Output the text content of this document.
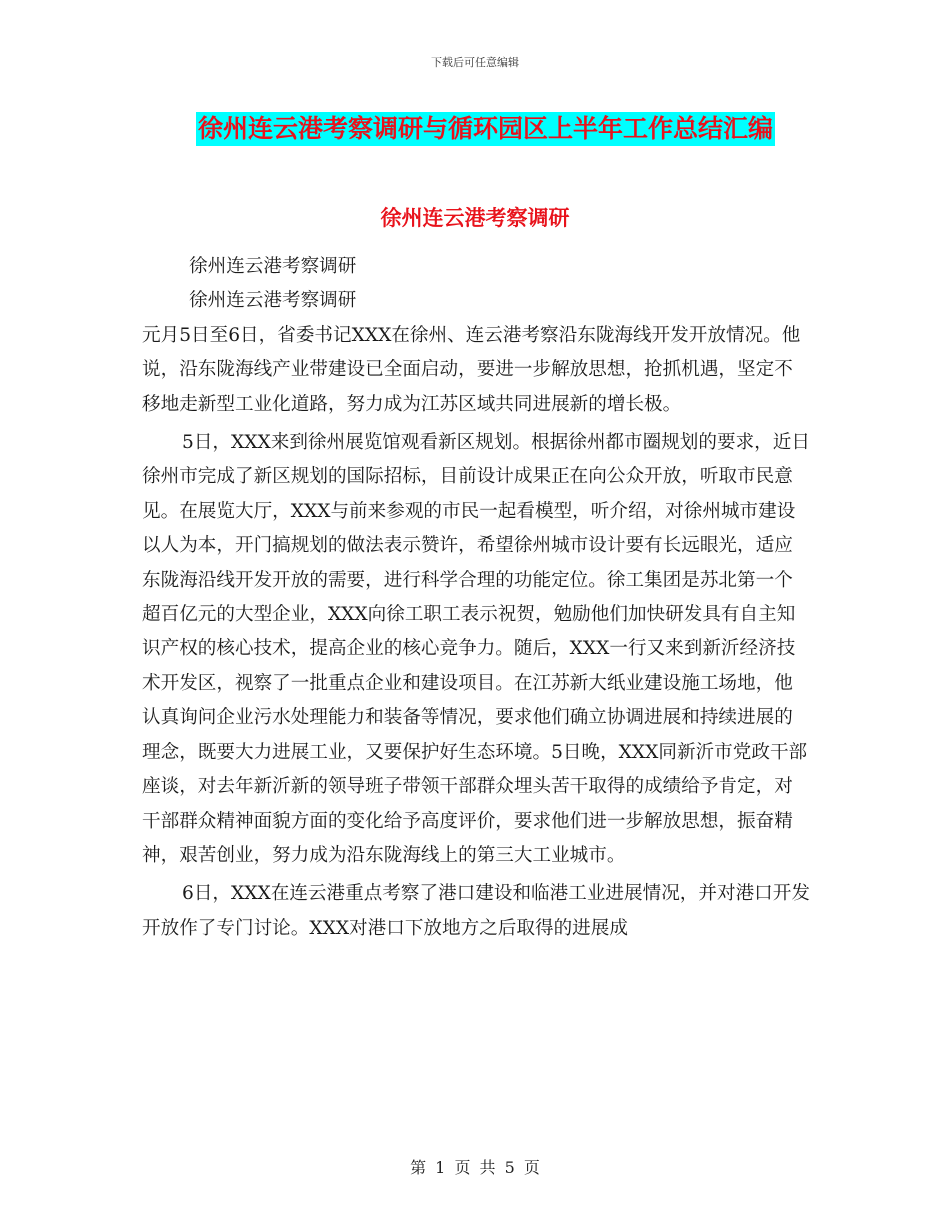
下载后可任意编辑
徐州连云港考察调研与循环园区上半年工作总结汇编
徐州连云港考察调研

徐州连云港考察调研

徐州连云港考察调研

元月5日至6日，省委书记XXX在徐州、连云港考察沿东陇海线开发开放情况。他说，沿东陇海线产业带建设已全面启动，要进一步解放思想，抢抓机遇，坚定不移地走新型工业化道路，努力成为江苏区域共同进展新的增长极。

5日，XXX来到徐州展览馆观看新区规划。根据徐州都市圈规划的要求，近日徐州市完成了新区规划的国际招标，目前设计成果正在向公众开放，听取市民意见。在展览大厅，XXX与前来参观的市民一起看模型，听介绍，对徐州城市建设以人为本，开门搞规划的做法表示赞许，希望徐州城市设计要有长远眼光，适应东陇海沿线开发开放的需要，进行科学合理的功能定位。徐工集团是苏北第一个超百亿元的大型企业，XXX向徐工职工表示祝贺，勉励他们加快研发具有自主知识产权的核心技术，提高企业的核心竞争力。随后，XXX一行又来到新沂经济技术开发区，视察了一批重点企业和建设项目。在江苏新大纸业建设施工场地，他认真询问企业污水处理能力和装备等情况，要求他们确立协调进展和持续进展的理念，既要大力进展工业，又要保护好生态环境。5日晚，XXX同新沂市党政干部座谈，对去年新沂新的领导班子带领干部群众埋头苦干取得的成绩给予肯定，对干部群众精神面貌方面的变化给予高度评价，要求他们进一步解放思想，振奋精神，艰苦创业，努力成为沿东陇海线上的第三大工业城市。

6日，XXX在连云港重点考察了港口建设和临港工业进展情况，并对港口开发开放作了专门讨论。XXX对港口下放地方之后取得的进展成

第 1 页 共 5 页
